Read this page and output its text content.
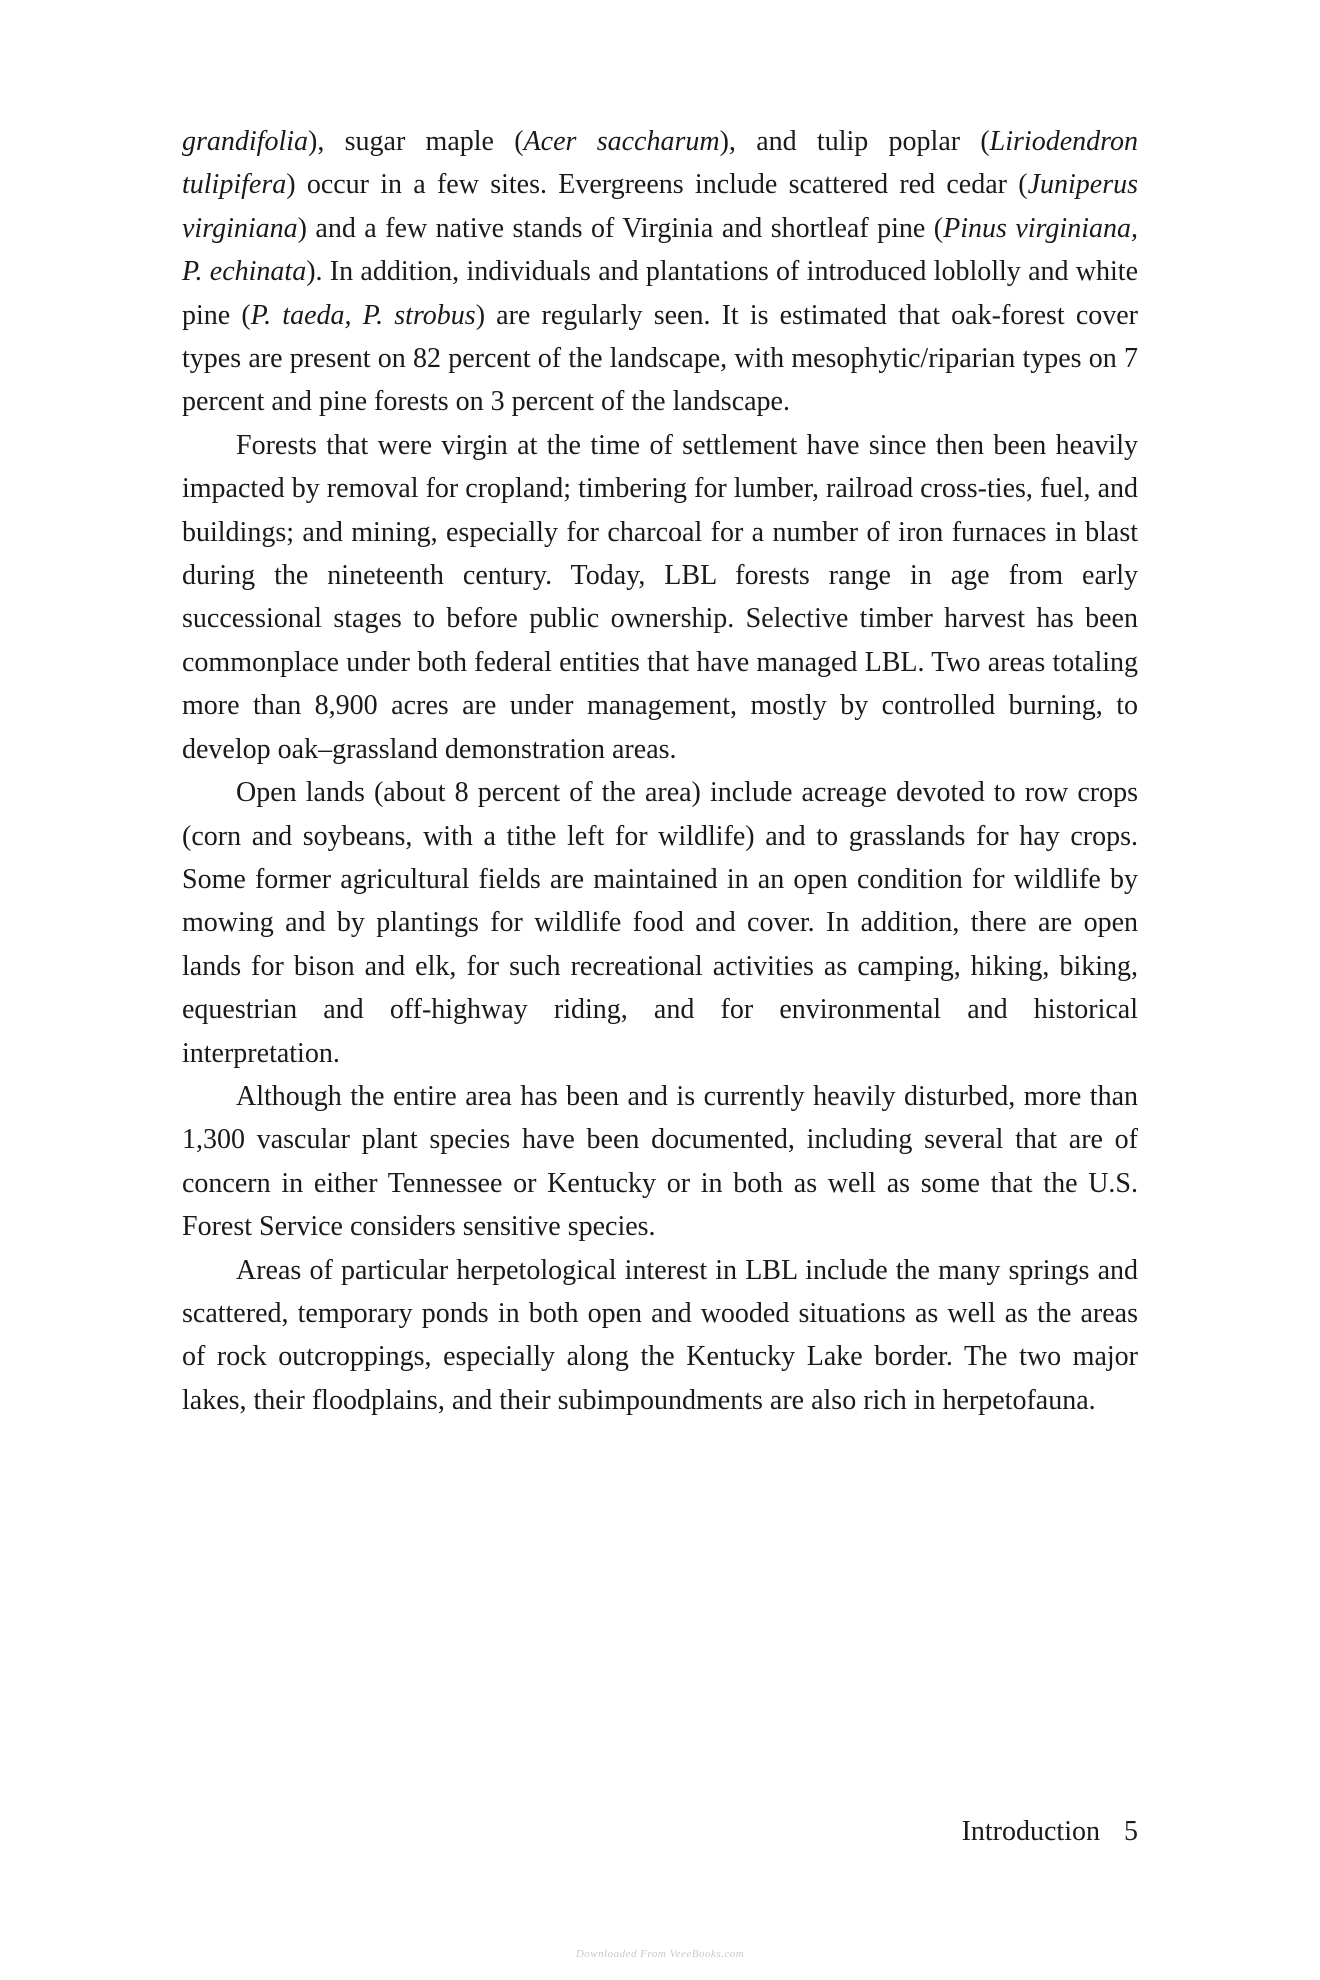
grandifolia), sugar maple (Acer saccharum), and tulip poplar (Liriodendron tulipifera) occur in a few sites. Evergreens include scattered red cedar (Juniperus virginiana) and a few native stands of Virginia and shortleaf pine (Pinus virginiana, P. echinata). In addition, individuals and plantations of introduced loblolly and white pine (P. taeda, P. strobus) are regularly seen. It is estimated that oak-forest cover types are present on 82 percent of the landscape, with mesophytic/riparian types on 7 percent and pine forests on 3 percent of the landscape.

Forests that were virgin at the time of settlement have since then been heavily impacted by removal for cropland; timbering for lumber, railroad cross-ties, fuel, and buildings; and mining, especially for charcoal for a number of iron furnaces in blast during the nineteenth century. Today, LBL forests range in age from early successional stages to before public ownership. Selective timber harvest has been commonplace under both federal entities that have managed LBL. Two areas totaling more than 8,900 acres are under management, mostly by controlled burning, to develop oak–grassland demonstration areas.

Open lands (about 8 percent of the area) include acreage devoted to row crops (corn and soybeans, with a tithe left for wildlife) and to grasslands for hay crops. Some former agricultural fields are maintained in an open condition for wildlife by mowing and by plantings for wildlife food and cover. In addition, there are open lands for bison and elk, for such recreational activities as camping, hiking, biking, equestrian and off-highway riding, and for environmental and historical interpretation.

Although the entire area has been and is currently heavily disturbed, more than 1,300 vascular plant species have been documented, including several that are of concern in either Tennessee or Kentucky or in both as well as some that the U.S. Forest Service considers sensitive species.

Areas of particular herpetological interest in LBL include the many springs and scattered, temporary ponds in both open and wooded situations as well as the areas of rock outcroppings, especially along the Kentucky Lake border. The two major lakes, their floodplains, and their subimpoundments are also rich in herpetofauna.

Introduction 5
Downloaded From VeeeBooks.com
